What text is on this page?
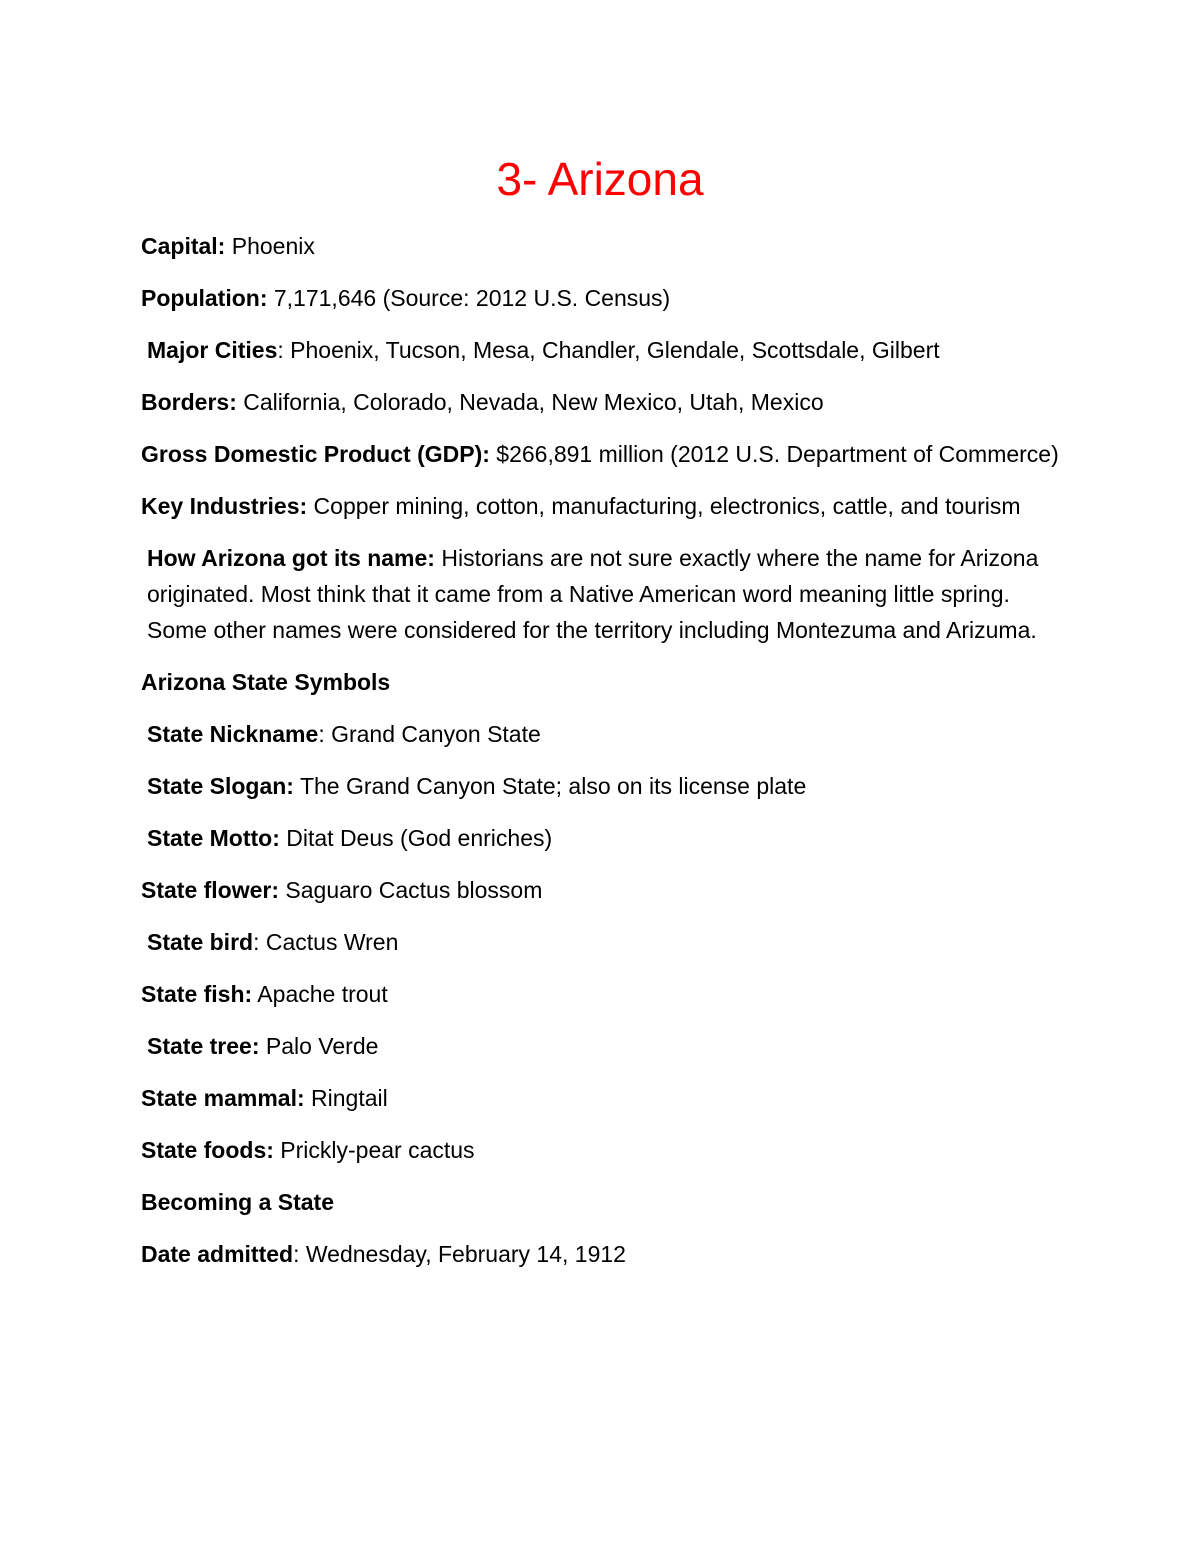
3- Arizona

Capital: Phoenix

Population: 7,171,646 (Source: 2012 U.S. Census)

Major Cities: Phoenix, Tucson, Mesa, Chandler, Glendale, Scottsdale, Gilbert

Borders: California, Colorado, Nevada, New Mexico, Utah, Mexico

Gross Domestic Product (GDP): $266,891 million (2012 U.S. Department of Commerce)

Key Industries: Copper mining, cotton, manufacturing, electronics, cattle, and tourism

How Arizona got its name: Historians are not sure exactly where the name for Arizona originated. Most think that it came from a Native American word meaning little spring. Some other names were considered for the territory including Montezuma and Arizuma.

Arizona State Symbols

State Nickname: Grand Canyon State

State Slogan: The Grand Canyon State; also on its license plate

State Motto: Ditat Deus (God enriches)

State flower: Saguaro Cactus blossom

State bird: Cactus Wren

State fish: Apache trout

State tree: Palo Verde

State mammal: Ringtail

State foods: Prickly-pear cactus

Becoming a State

Date admitted: Wednesday, February 14, 1912
